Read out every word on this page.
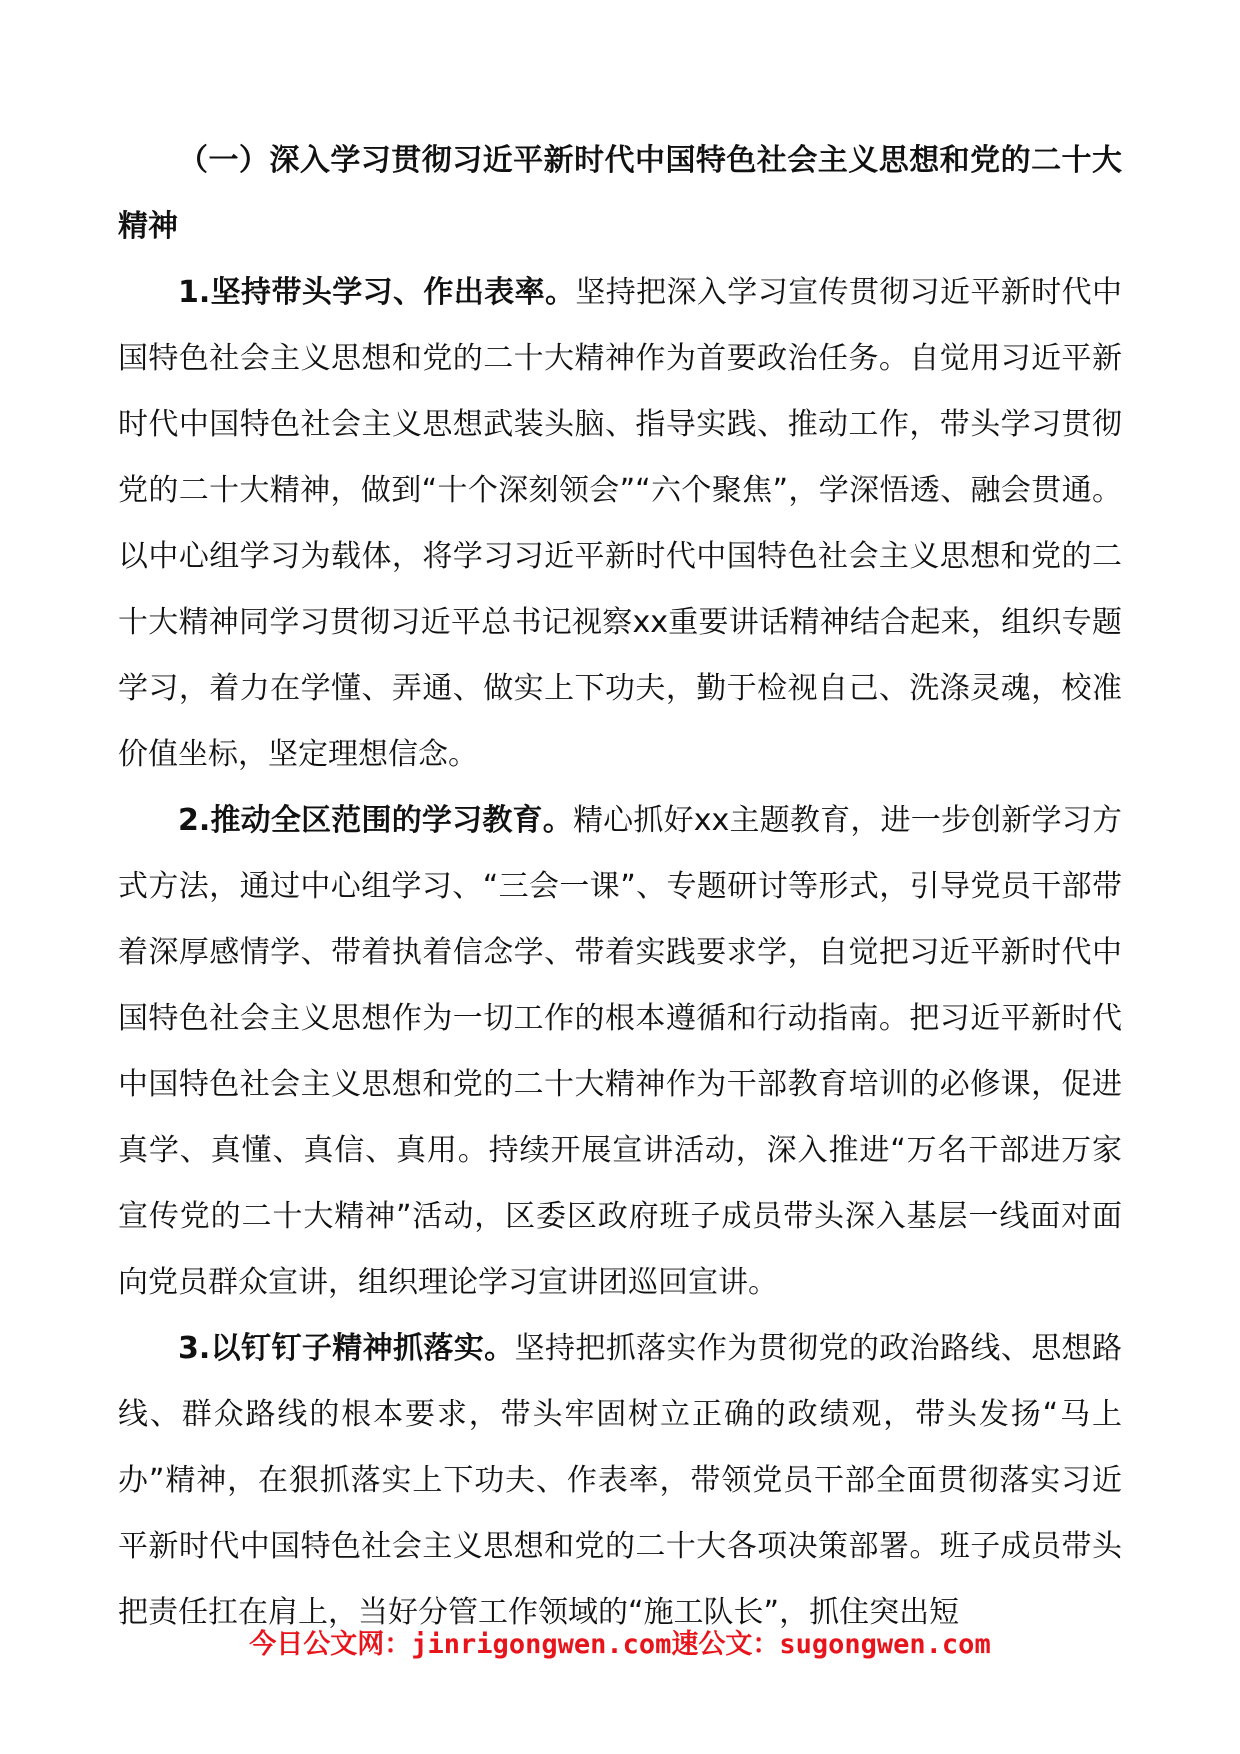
（一）深入学习贯彻习近平新时代中国特色社会主义思想和党的二十大精神

1.坚持带头学习、作出表率。坚持把深入学习宣传贯彻习近平新时代中国特色社会主义思想和党的二十大精神作为首要政治任务。自觉用习近平新时代中国特色社会主义思想武装头脑、指导实践、推动工作，带头学习贯彻党的二十大精神，做到“十个深刻领会”“六个聚焦”，学深悟透、融会贯通。以中心组学习为载体，将学习习近平新时代中国特色社会主义思想和党的二十大精神同学习贯彻习近平总书记视察xx重要讲话精神结合起来，组织专题学习，着力在学懂、弄通、做实上下功夫，勤于检视自己、洗涤灵魂，校准价值坐标，坚定理想信念。

2.推动全区范围的学习教育。精心抓好xx主题教育，进一步创新学习方式方法，通过中心组学习、“三会一课”、专题研讨等形式，引导党员干部带着深厚感情学、带着执着信念学、带着实践要求学，自觉把习近平新时代中国特色社会主义思想作为一切工作的根本遵循和行动指南。把习近平新时代中国特色社会主义思想和党的二十大精神作为干部教育培训的必修课，促进真学、真懂、真信、真用。持续开展宣讲活动，深入推进“万名干部进万家宣传党的二十大精神”活动，区委区政府班子成员带头深入基层一线面对面向党员群众宣讲，组织理论学习宣讲团巡回宣讲。

3.以钉钉子精神抓落实。坚持把抓落实作为贯彻党的政治路线、思想路线、群众路线的根本要求，带头牢固树立正确的政绩观，带头发扬“马上办”精神，在狠抓落实上下功夫、作表率，带领党员干部全面贯彻落实习近平新时代中国特色社会主义思想和党的二十大各项决策部署。班子成员带头把责任扛在肩上，当好分管工作领域的“施工队长”，抓住突出短

今日公文网：jinrigongwen.com速公文：sugongwen.com
